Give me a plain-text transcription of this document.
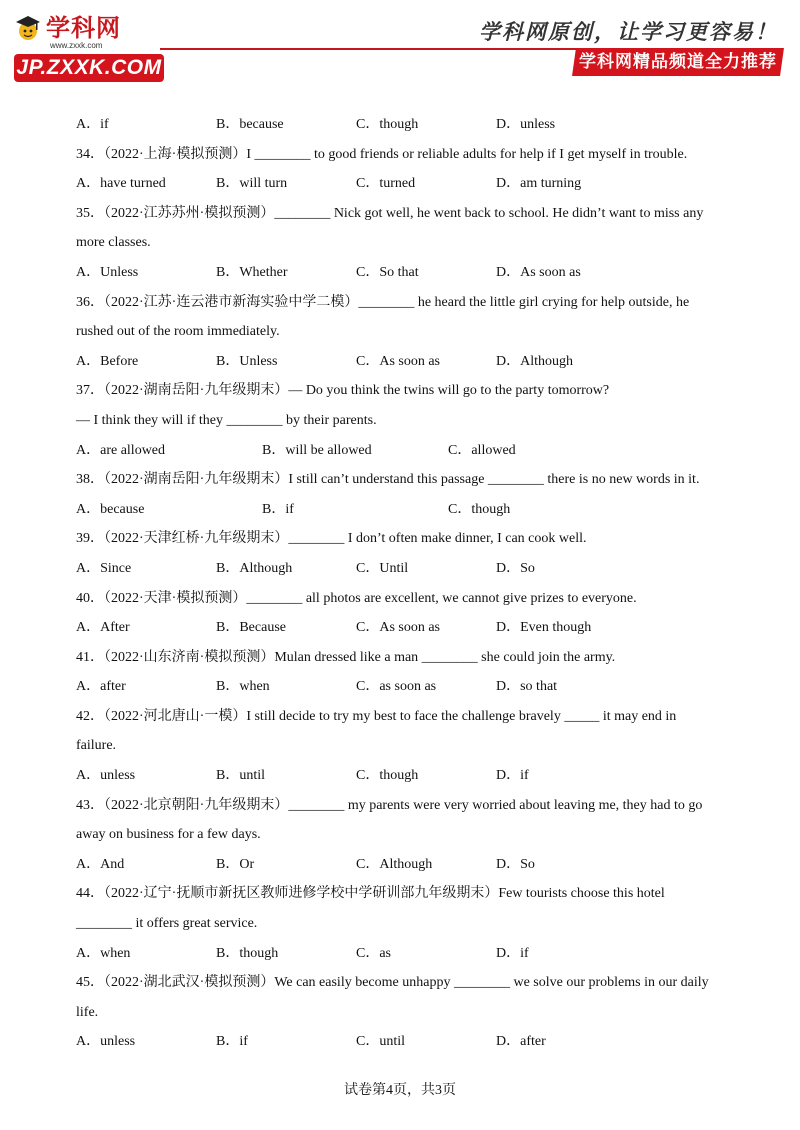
学科网
www.zxxk.com
JP.ZXXK.COM
学科网原创，让学习更容易！
学科网精品频道全力推荐
A．if	B．because	C．though	D．unless
34．（2022·上海·模拟预测）I ________ to good friends or reliable adults for help if I get myself in trouble.
A．have turned	B．will turn	C．turned	D．am turning
35．（2022·江苏苏州·模拟预测）________ Nick got well, he went back to school. He didn’t want to miss any
more classes.
A．Unless	B．Whether	C．So that	D．As soon as
36．（2022·江苏·连云港市新海实验中学二模）________ he heard the little girl crying for help outside, he
rushed out of the room immediately.
A．Before	B．Unless	C．As soon as	D．Although
37．（2022·湖南岳阳·九年级期末）— Do you think the twins will go to the party tomorrow?
— I think they will if they ________ by their parents.
A．are allowed	B．will be allowed	C．allowed
38．（2022·湖南岳阳·九年级期末）I still can’t understand this passage ________ there is no new words in it.
A．because	B．if	C．though
39．（2022·天津红桥·九年级期末）________ I don’t often make dinner, I can cook well.
A．Since	B．Although	C．Until	D．So
40．（2022·天津·模拟预测）________ all photos are excellent, we cannot give prizes to everyone.
A．After	B．Because	C．As soon as	D．Even though
41．（2022·山东济南·模拟预测）Mulan dressed like a man ________ she could join the army.
A．after	B．when	C．as soon as	D．so that
42．（2022·河北唐山·一模）I still decide to try my best to face the challenge bravely _____ it may end in
failure.
A．unless	B．until	C．though	D．if
43．（2022·北京朝阳·九年级期末）________ my parents were very worried about leaving me, they had to go
away on business for a few days.
A．And	B．Or	C．Although	D．So
44．（2022·辽宁·抚顺市新抚区教师进修学校中学研训部九年级期末）Few tourists choose this hotel
________ it offers great service.
A．when	B．though	C．as	D．if
45．（2022·湖北武汉·模拟预测）We can easily become unhappy ________ we solve our problems in our daily
life.
A．unless	B．if	C．until	D．after
试卷第4页，共3页
